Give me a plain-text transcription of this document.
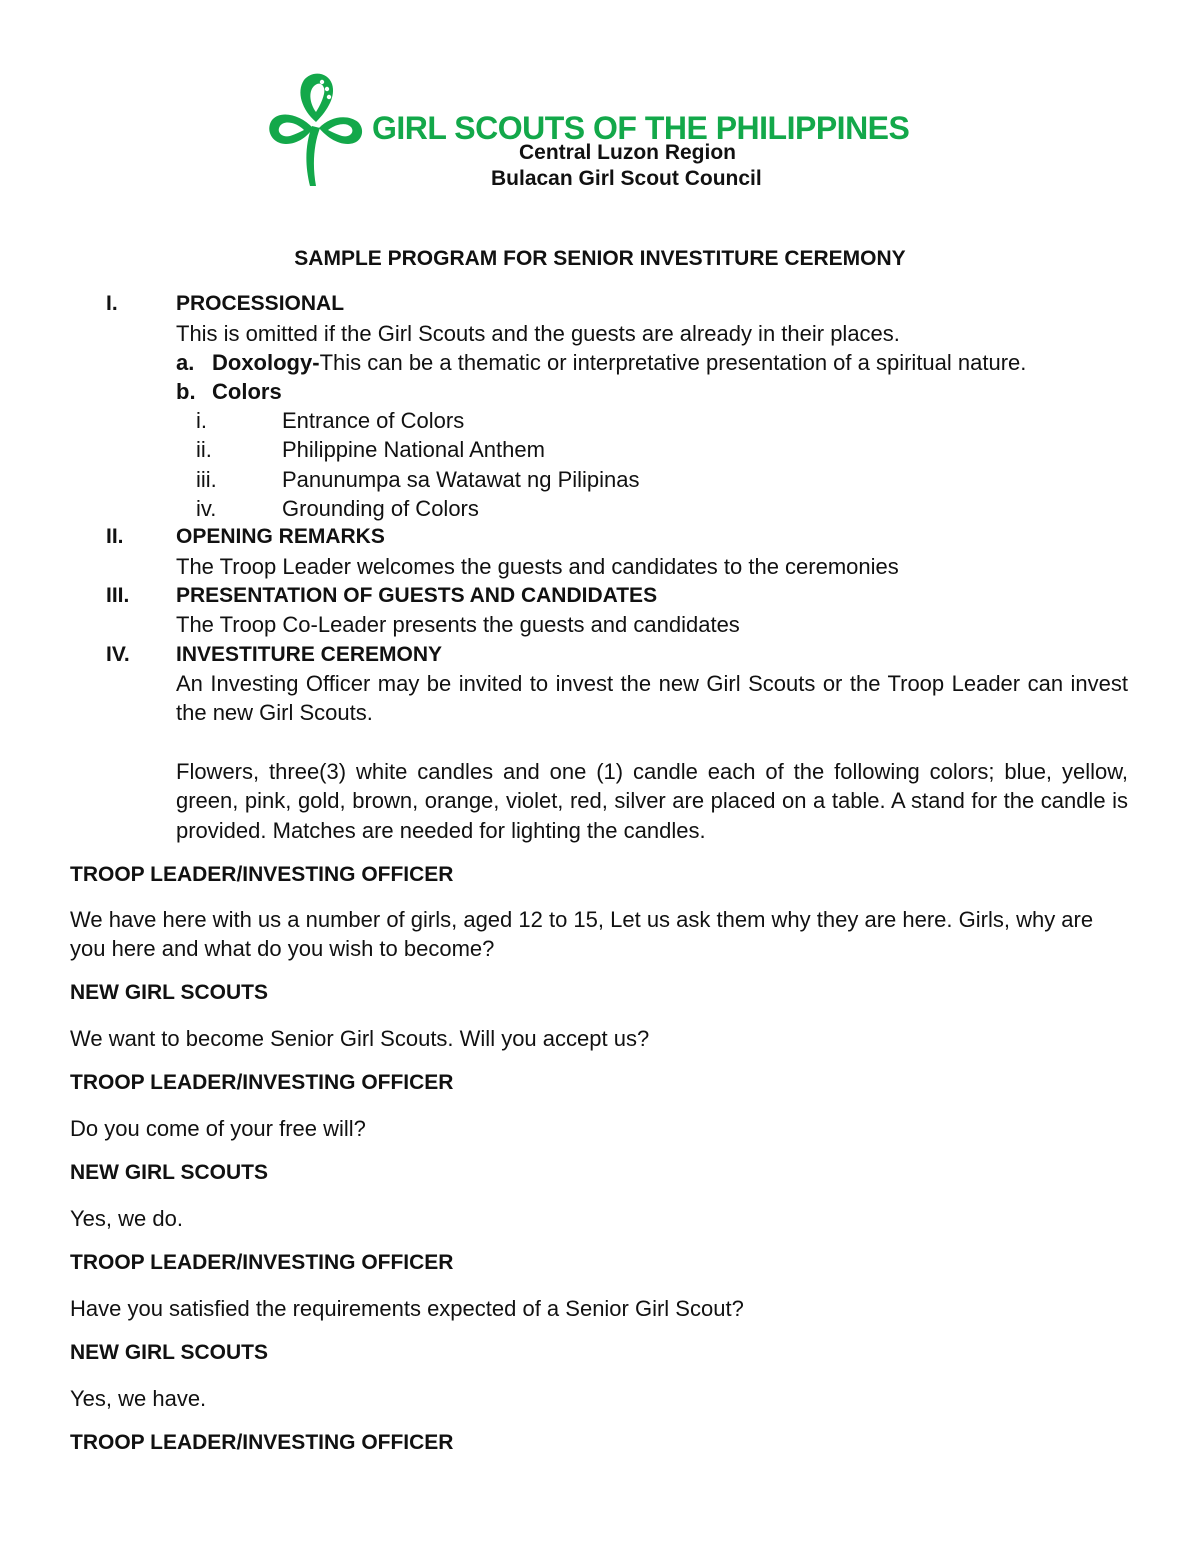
GIRL SCOUTS OF THE PHILIPPINES
Central Luzon Region
Bulacan Girl Scout Council
SAMPLE PROGRAM FOR SENIOR INVESTITURE CEREMONY
I.	PROCESSIONAL
This is omitted if the Girl Scouts and the guests are already in their places.
a. Doxology-This can be a thematic or interpretative presentation of a spiritual nature.
b. Colors
i.	Entrance of Colors
ii.	Philippine National Anthem
iii.	Panunumpa sa Watawat ng Pilipinas
iv.	Grounding of Colors
II. OPENING REMARKS
The Troop Leader welcomes the guests and candidates to the ceremonies
III. PRESENTATION OF GUESTS AND CANDIDATES
The Troop Co-Leader presents the guests and candidates
IV. INVESTITURE CEREMONY
An Investing Officer may be invited to invest the new Girl Scouts or the Troop Leader can invest the new Girl Scouts.
Flowers, three(3) white candles and one (1) candle each of the following colors; blue, yellow, green, pink, gold, brown, orange, violet, red, silver are placed on a table. A stand for the candle is provided. Matches are needed for lighting the candles.
TROOP LEADER/INVESTING OFFICER
We have here with us a number of girls, aged 12 to 15, Let us ask them why they are here. Girls, why are you here and what do you wish to become?
NEW GIRL SCOUTS
We want to become Senior Girl Scouts. Will you accept us?
TROOP LEADER/INVESTING OFFICER
Do you come of your free will?
NEW GIRL SCOUTS
Yes, we do.
TROOP LEADER/INVESTING OFFICER
Have you satisfied the requirements expected of a Senior Girl Scout?
NEW GIRL SCOUTS
Yes, we have.
TROOP LEADER/INVESTING OFFICER
